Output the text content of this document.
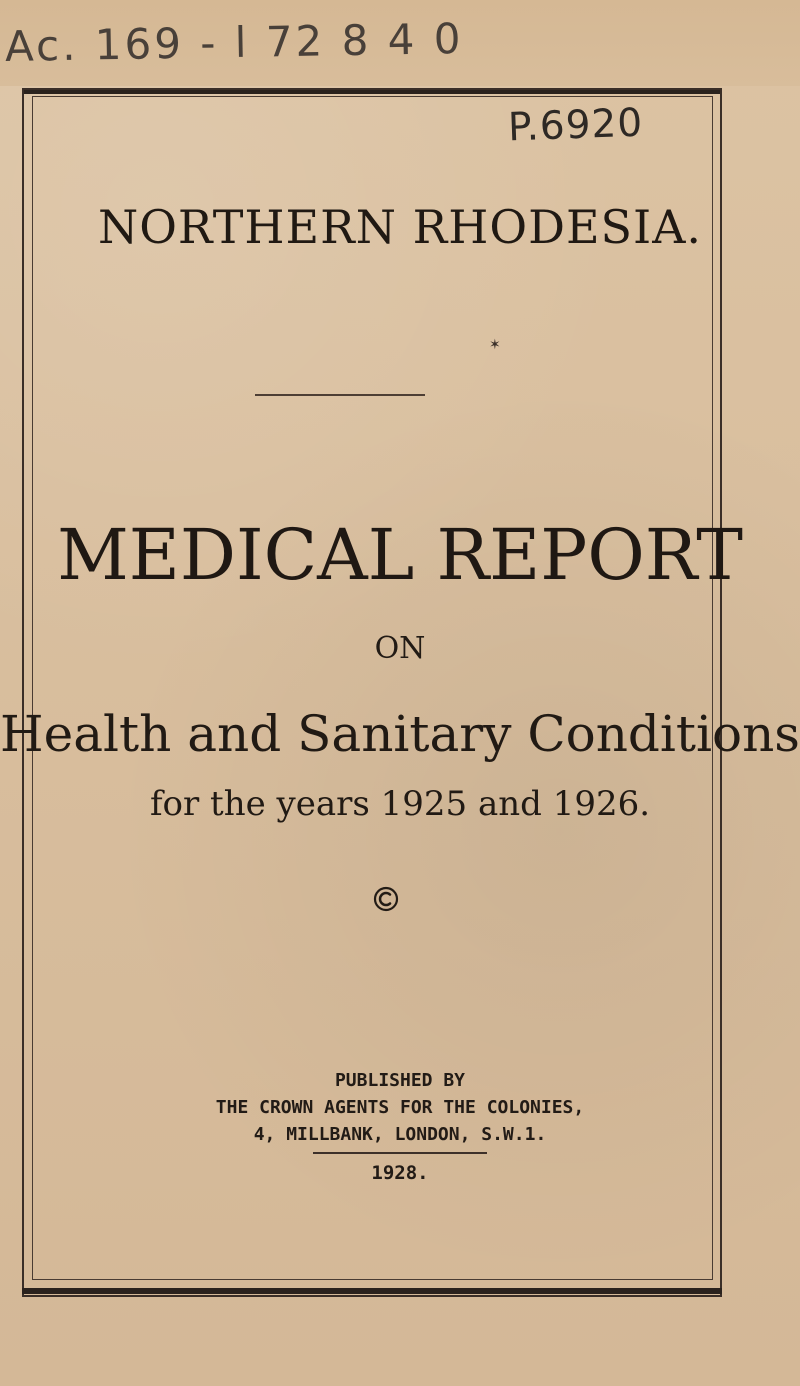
Ac. 169 - l 72 8 4 0
P.6920
NORTHERN RHODESIA.
✶
MEDICAL REPORT
ON
Health and Sanitary Conditions
for the years 1925 and 1926.
PUBLISHED BY
THE CROWN AGENTS FOR THE COLONIES,
4, MILLBANK, LONDON, S.W.1.
1928.
